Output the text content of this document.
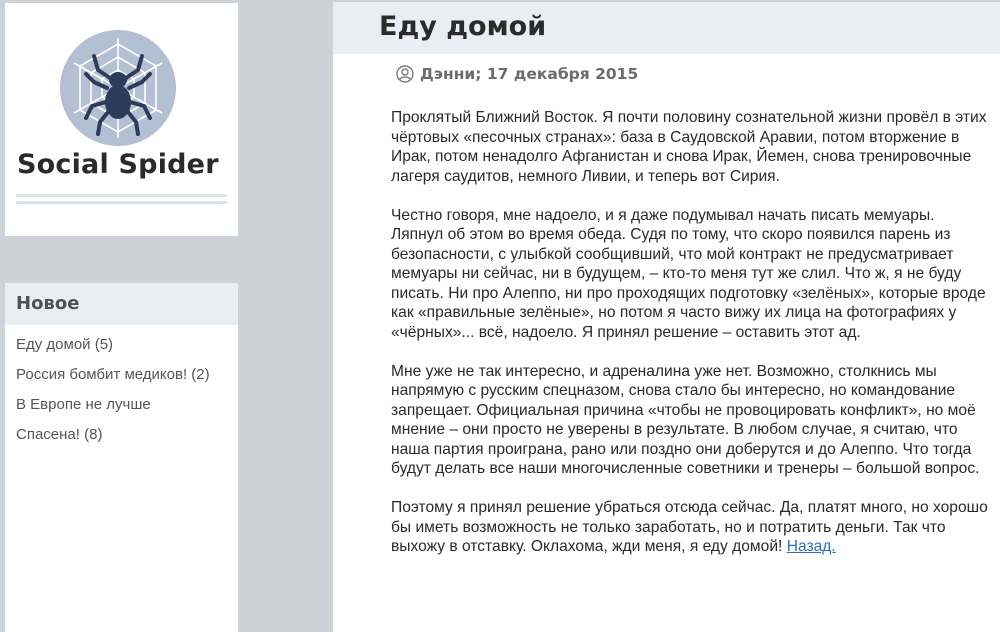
Social Spider
Новое
Еду домой (5)
Россия бомбит медиков! (2)
В Европе не лучше
Спасена! (8)
Еду домой
Дэнни; 17 декабря 2015

Проклятый Ближний Восток. Я почти половину сознательной жизни провёл в этих чёртовых «песочных странах»: база в Саудовской Аравии, потом вторжение в Ирак, потом ненадолго Афганистан и снова Ирак, Йемен, снова тренировочные лагеря саудитов, немного Ливии, и теперь вот Сирия.

Честно говоря, мне надоело, и я даже подумывал начать писать мемуары. Ляпнул об этом во время обеда. Судя по тому, что скоро появился парень из безопасности, с улыбкой сообщивший, что мой контракт не предусматривает мемуары ни сейчас, ни в будущем, – кто-то меня тут же слил. Что ж, я не буду писать. Ни про Алеппо, ни про проходящих подготовку «зелёных», которые вроде как «правильные зелёные», но потом я часто вижу их лица на фотографиях у «чёрных»... всё, надоело. Я принял решение – оставить этот ад.

Мне уже не так интересно, и адреналина уже нет. Возможно, столкнись мы напрямую с русским спецназом, снова стало бы интересно, но командование запрещает. Официальная причина «чтобы не провоцировать конфликт», но моё мнение – они просто не уверены в результате. В любом случае, я считаю, что наша партия проиграна, рано или поздно они доберутся и до Алеппо. Что тогда будут делать все наши многочисленные советники и тренеры – большой вопрос.

Поэтому я принял решение убраться отсюда сейчас. Да, платят много, но хорошо бы иметь возможность не только заработать, но и потратить деньги. Так что выхожу в отставку. Оклахома, жди меня, я еду домой! Назад.
